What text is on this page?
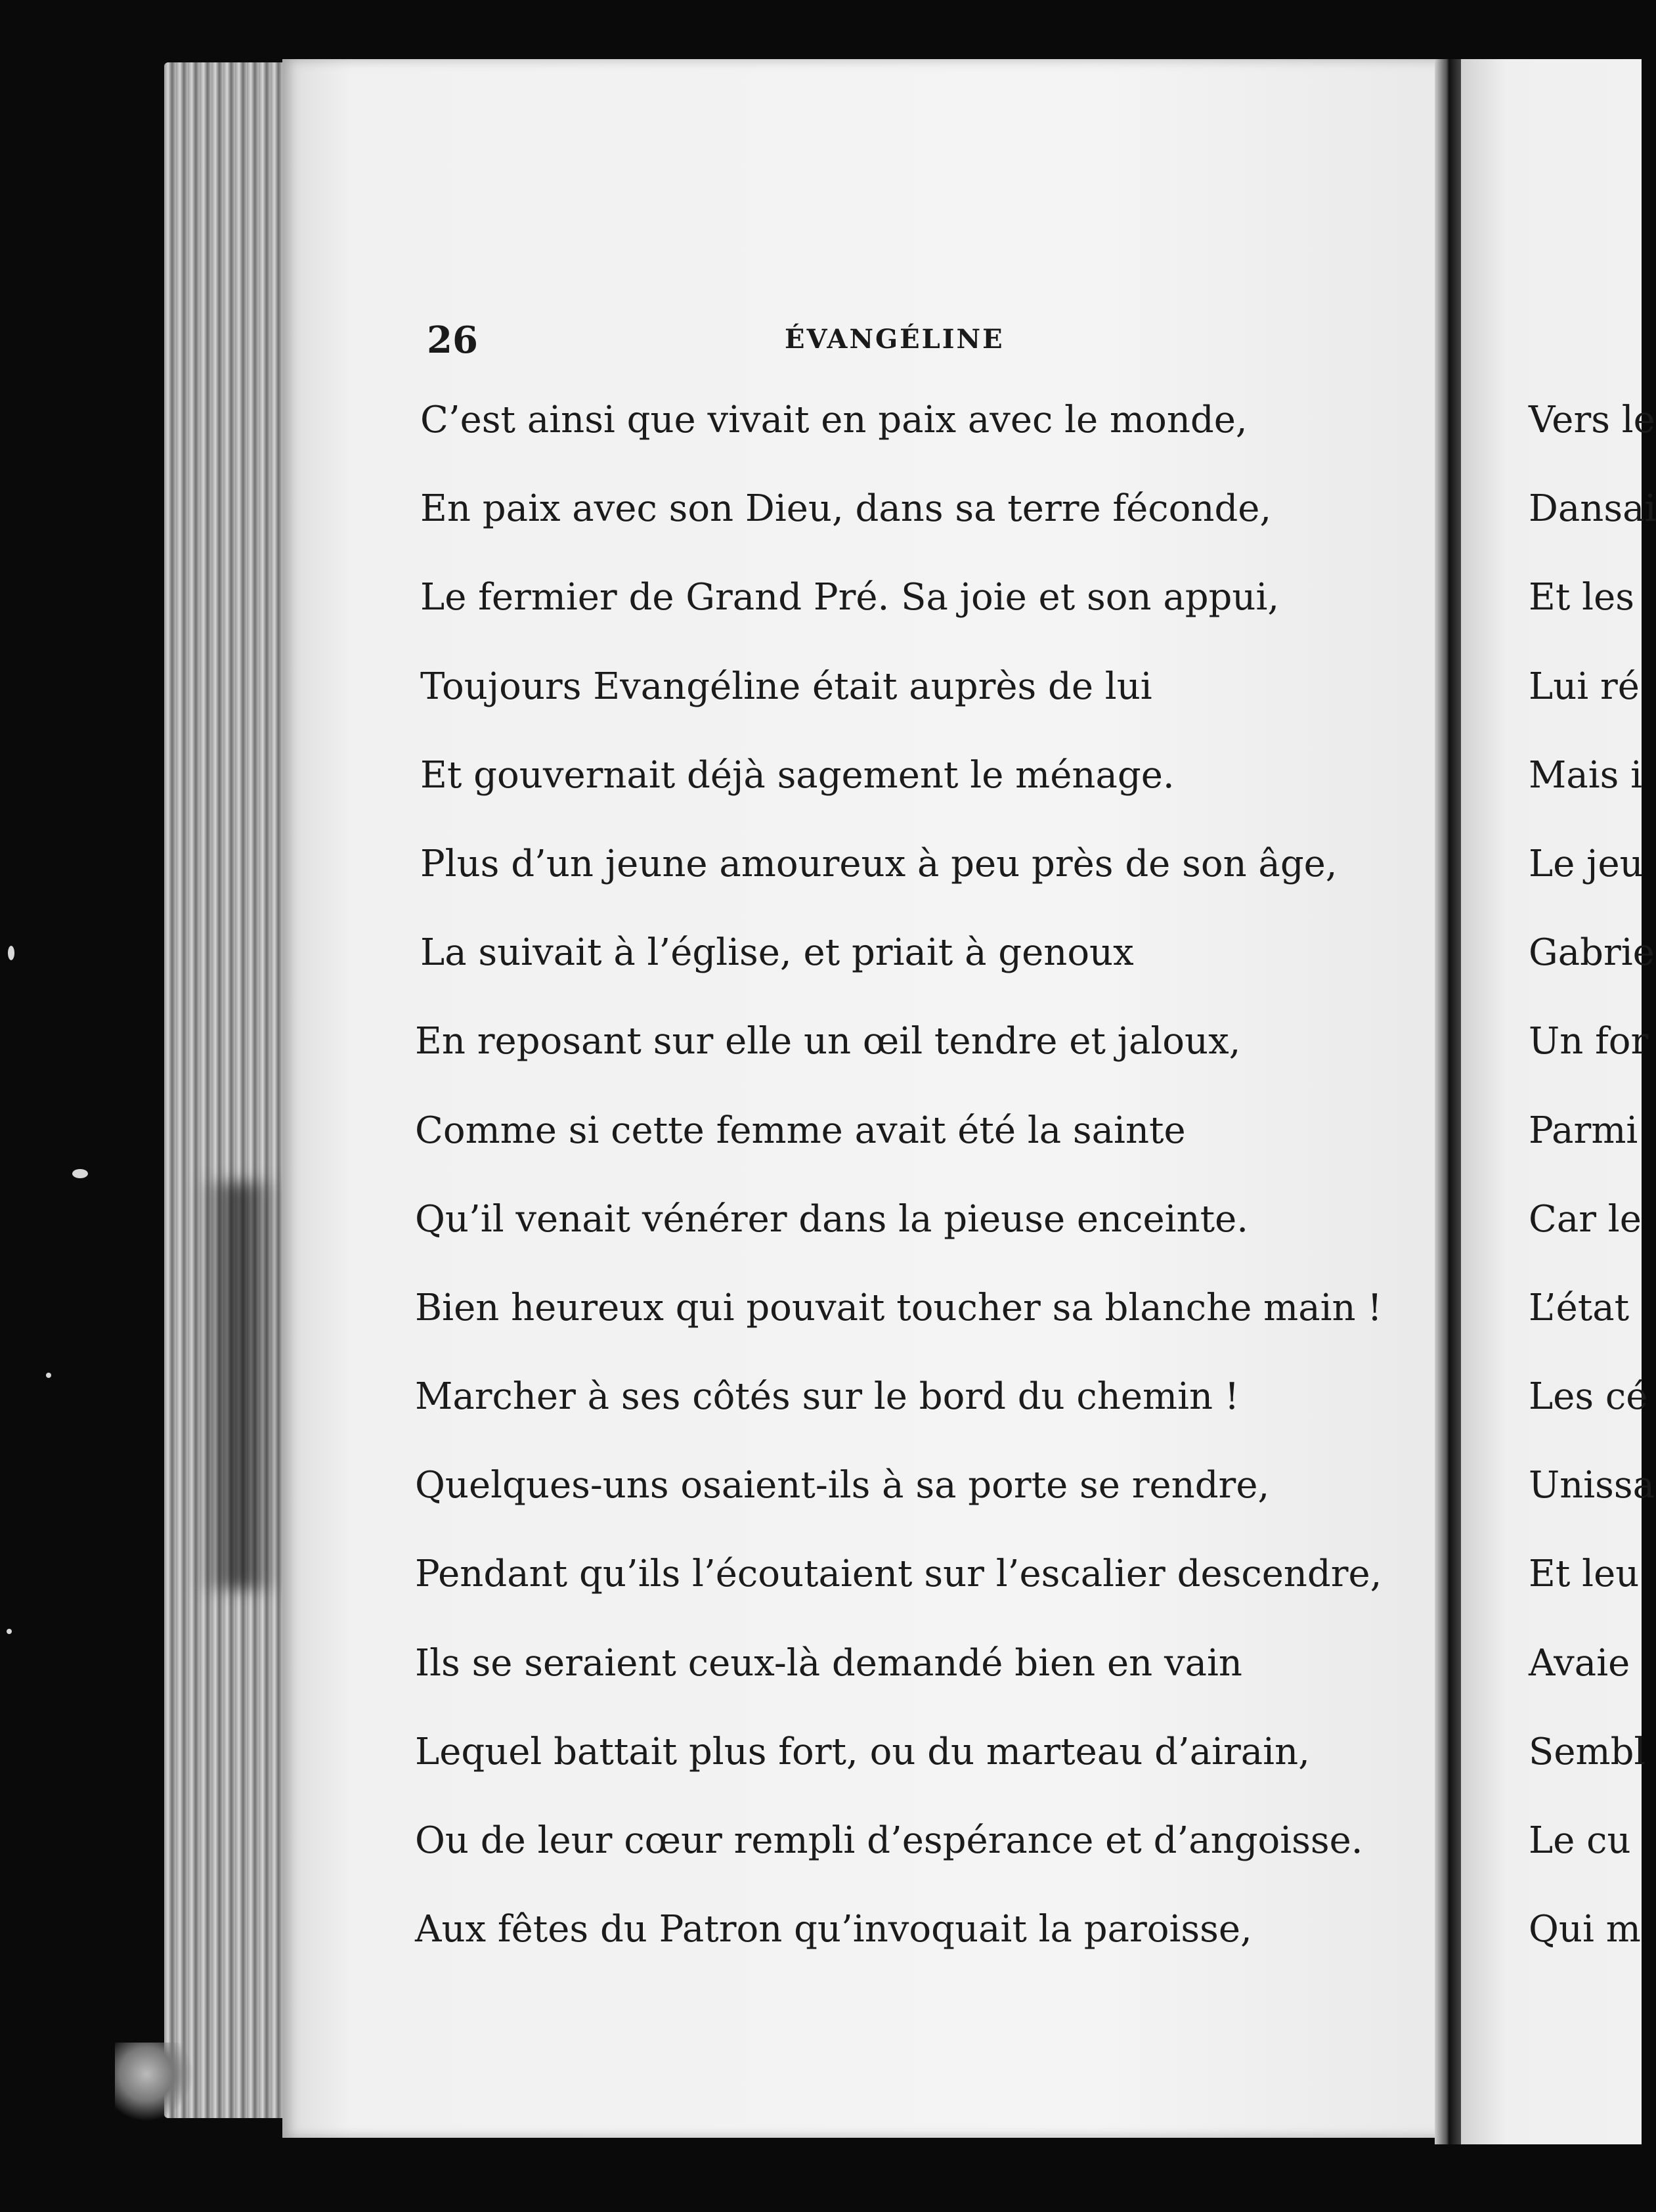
26	ÉVANGÉLINE
C’est ainsi que vivait en paix avec le monde,
En paix avec son Dieu, dans sa terre féconde,
Le fermier de Grand Pré. Sa joie et son appui,
Toujours Evangéline était auprès de lui
Et gouvernait déjà sagement le ménage.
Plus d’un jeune amoureux à peu près de son âge,
La suivait à l’église, et priait à genoux
En reposant sur elle un œil tendre et jaloux,
Comme si cette femme avait été la sainte
Qu’il venait vénérer dans la pieuse enceinte.
Bien heureux qui pouvait toucher sa blanche main !
Marcher à ses côtés sur le bord du chemin !
Quelques-uns osaient-ils à sa porte se rendre,
Pendant qu’ils l’écoutaient sur l’escalier descendre,
Ils se seraient ceux-là demandé bien en vain
Lequel battait plus fort, ou du marteau d’airain,
Ou de leur cœur rempli d’espérance et d’angoisse.
Aux fêtes du Patron qu’invoquait la paroisse,
Vers le
Dansai
Et les
Lui ré
Mais i
Le jeu
Gabrie
Un for
Parmi
Car le
L’état
Les cé
Unissa
Et leu
Avaie
Sembl
Le cu
Qui m
